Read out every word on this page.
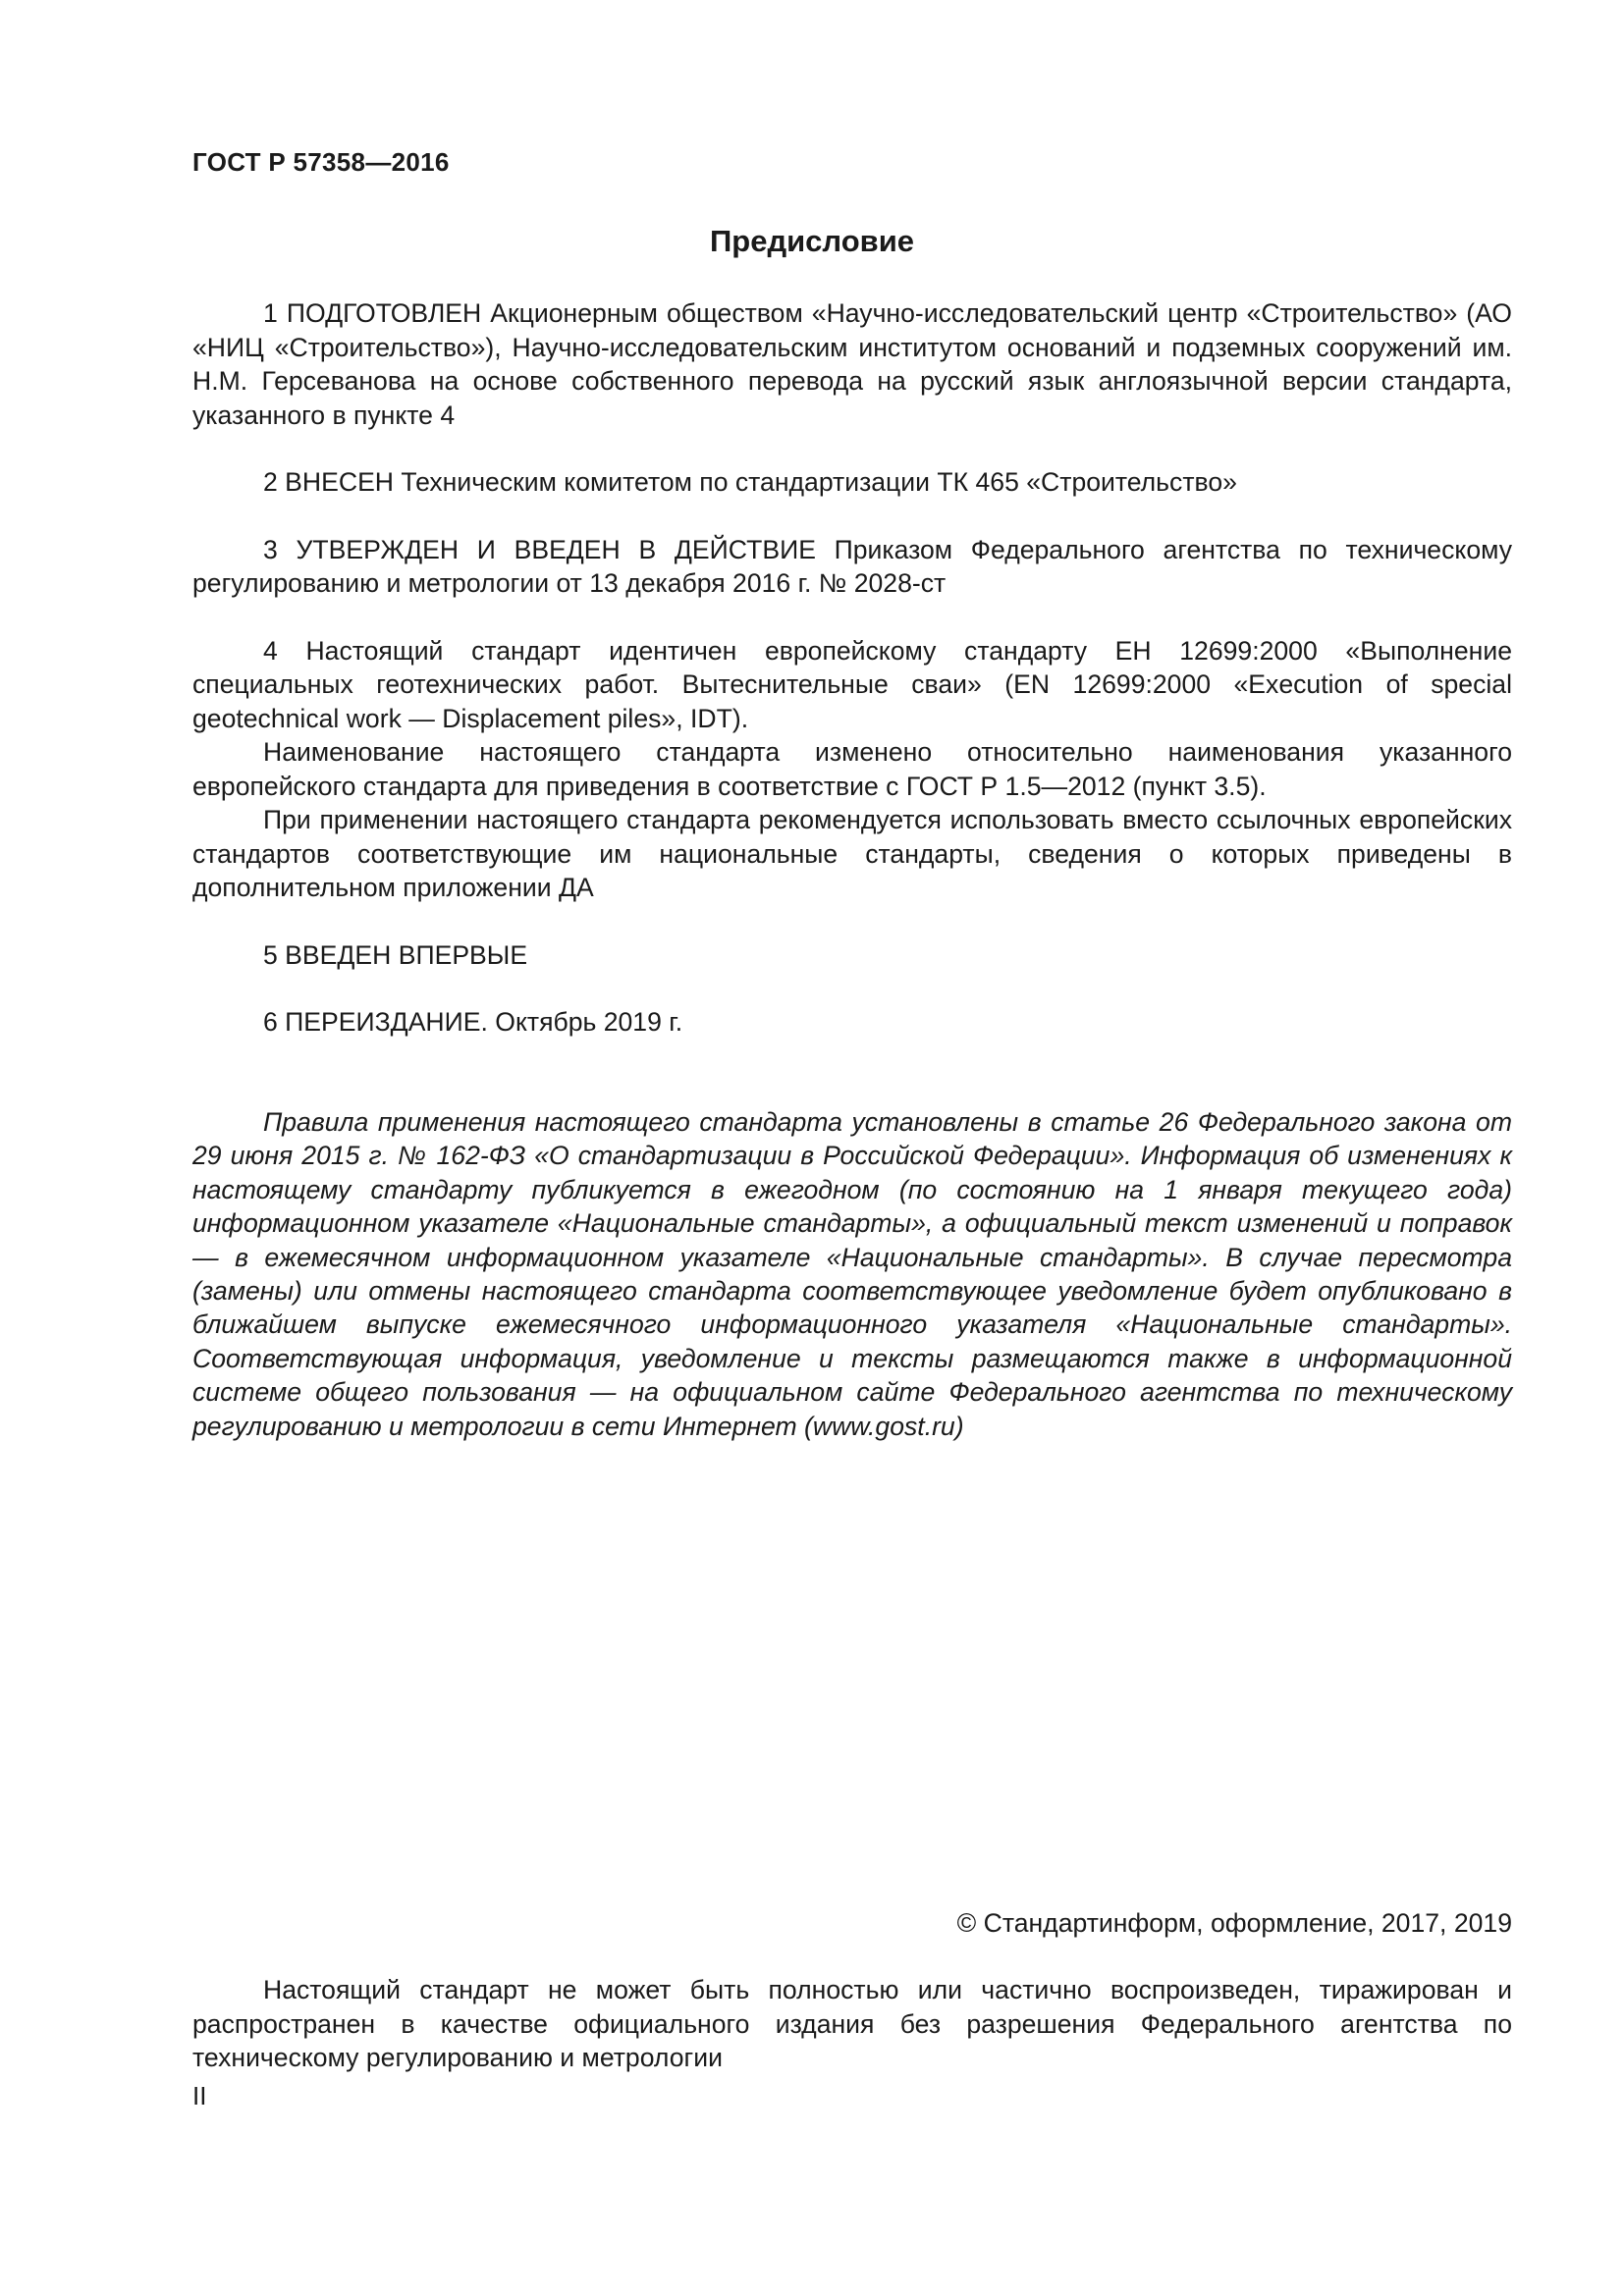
ГОСТ Р 57358—2016
Предисловие

1 ПОДГОТОВЛЕН Акционерным обществом «Научно-исследовательский центр «Строительство» (АО «НИЦ «Строительство»), Научно-исследовательским институтом оснований и подземных сооружений им. Н.М. Герсеванова на основе собственного перевода на русский язык англоязычной версии стандарта, указанного в пункте 4

2 ВНЕСЕН Техническим комитетом по стандартизации ТК 465 «Строительство»

3 УТВЕРЖДЕН И ВВЕДЕН В ДЕЙСТВИЕ Приказом Федерального агентства по техническому регулированию и метрологии от 13 декабря 2016 г. № 2028-ст

4 Настоящий стандарт идентичен европейскому стандарту ЕН 12699:2000 «Выполнение специальных геотехнических работ. Вытеснительные сваи» (EN 12699:2000 «Execution of special geotechnical work — Displacement piles», IDT).

Наименование настоящего стандарта изменено относительно наименования указанного европейского стандарта для приведения в соответствие с ГОСТ Р 1.5—2012 (пункт 3.5).

При применении настоящего стандарта рекомендуется использовать вместо ссылочных европейских стандартов соответствующие им национальные стандарты, сведения о которых приведены в дополнительном приложении ДА

5 ВВЕДЕН ВПЕРВЫЕ

6 ПЕРЕИЗДАНИЕ. Октябрь 2019 г.

Правила применения настоящего стандарта установлены в статье 26 Федерального закона от 29 июня 2015 г. № 162-ФЗ «О стандартизации в Российской Федерации». Информация об изменениях к настоящему стандарту публикуется в ежегодном (по состоянию на 1 января текущего года) информационном указателе «Национальные стандарты», а официальный текст изменений и поправок — в ежемесячном информационном указателе «Национальные стандарты». В случае пересмотра (замены) или отмены настоящего стандарта соответствующее уведомление будет опубликовано в ближайшем выпуске ежемесячного информационного указателя «Национальные стандарты». Соответствующая информация, уведомление и тексты размещаются также в информационной системе общего пользования — на официальном сайте Федерального агентства по техническому регулированию и метрологии в сети Интернет (www.gost.ru)

© Стандартинформ, оформление, 2017, 2019

Настоящий стандарт не может быть полностью или частично воспроизведен, тиражирован и распространен в качестве официального издания без разрешения Федерального агентства по техническому регулированию и метрологии

II
